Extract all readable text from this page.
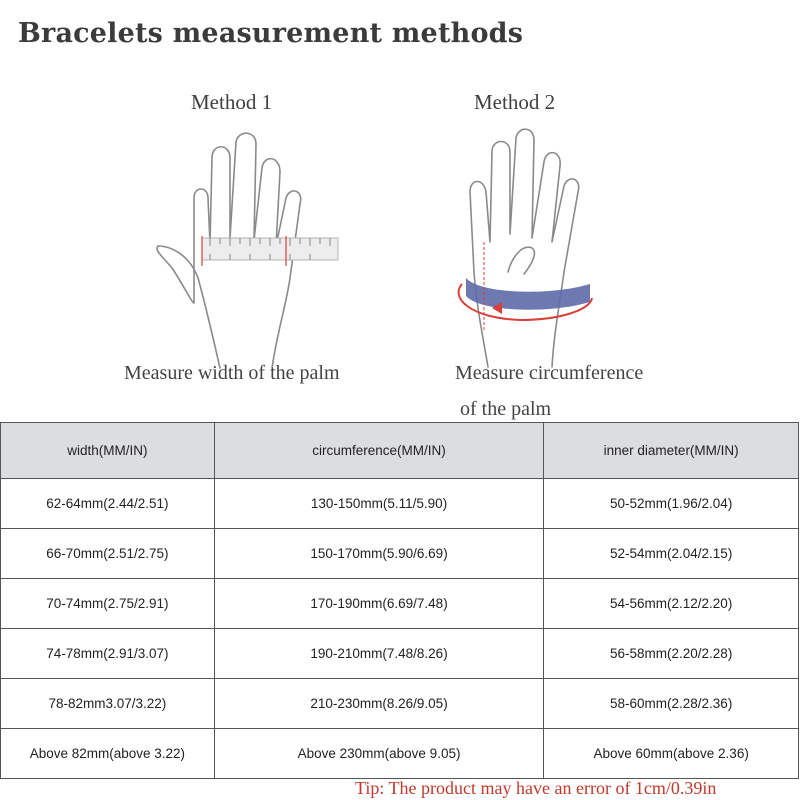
Bracelets measurement methods
Method 1	Method 2
Measure width of the palm	Measure circumference
of the palm
width(MM/IN)	circumference(MM/IN)	inner diameter(MM/IN)
62-64mm(2.44/2.51)	130-150mm(5.11/5.90)	50-52mm(1.96/2.04)
66-70mm(2.51/2.75)	150-170mm(5.90/6.69)	52-54mm(2.04/2.15)
70-74mm(2.75/2.91)	170-190mm(6.69/7.48)	54-56mm(2.12/2.20)
74-78mm(2.91/3.07)	190-210mm(7.48/8.26)	56-58mm(2.20/2.28)
78-82mm3.07/3.22)	210-230mm(8.26/9.05)	58-60mm(2.28/2.36)
Above 82mm(above 3.22)	Above 230mm(above 9.05)	Above 60mm(above 2.36)
Tip: The product may have an error of 1cm/0.39in
